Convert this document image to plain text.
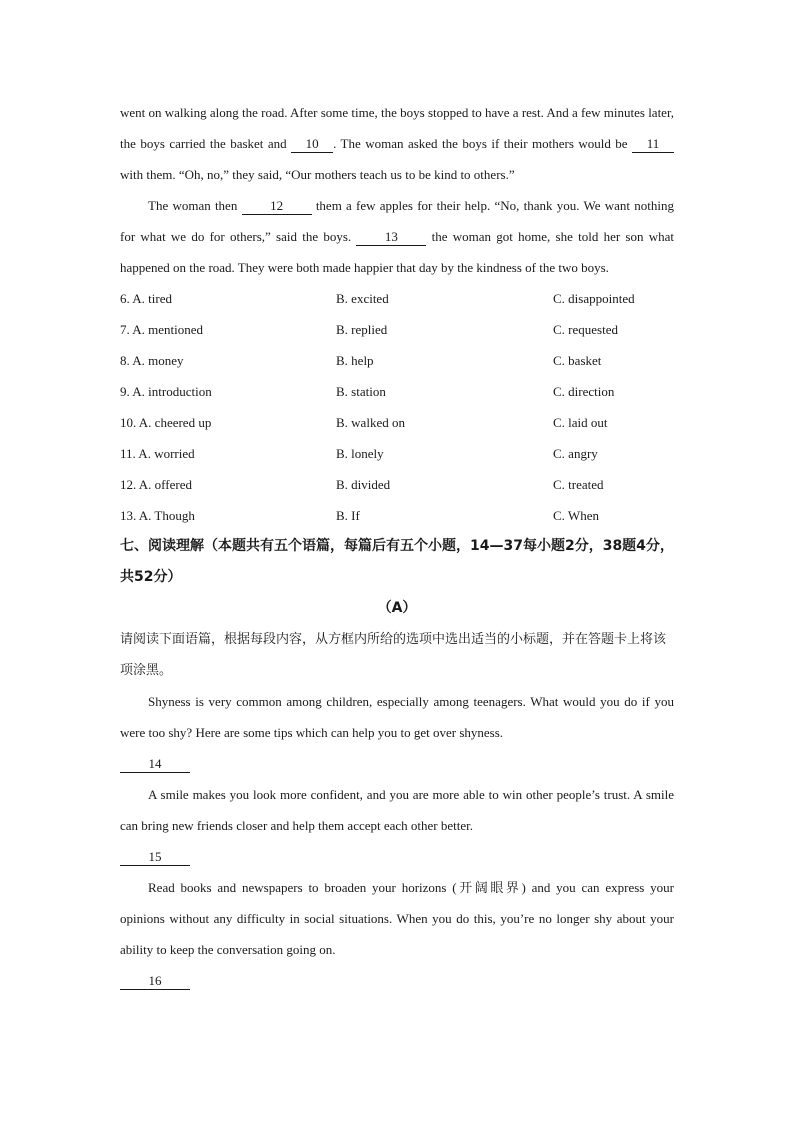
went on walking along the road. After some time, the boys stopped to have a rest. And a few minutes later, the boys carried the basket and 10 . The woman asked the boys if their mothers would be 11 with them. “Oh, no,” they said, “Our mothers teach us to be kind to others.”

The woman then 12 them a few apples for their help. “No, thank you. We want nothing for what we do for others,” said the boys. 13 the woman got home, she told her son what happened on the road. They were both made happier that day by the kindness of the two boys.

6. A. tired	B. excited	C. disappointed
7. A. mentioned	B. replied	C. requested
8. A. money	B. help	C. basket
9. A. introduction	B. station	C. direction
10. A. cheered up	B. walked on	C. laid out
11. A. worried	B. lonely	C. angry
12. A. offered	B. divided	C. treated
13. A. Though	B. If	C. When

七、阅读理解（本题共有五个语篇，每篇后有五个小题，14—37每小题2分，38题4分，共52分）

（A）

请阅读下面语篇，根据每段内容，从方框内所给的选项中选出适当的小标题，并在答题卡上将该项涂黑。

Shyness is very common among children, especially among teenagers. What would you do if you were too shy? Here are some tips which can help you to get over shyness.

14

A smile makes you look more confident, and you are more able to win other people’s trust. A smile can bring new friends closer and help them accept each other better.

15

Read books and newspapers to broaden your horizons (开阔眼界) and you can express your opinions without any difficulty in social situations. When you do this, you’re no longer shy about your ability to keep the conversation going on.

16
